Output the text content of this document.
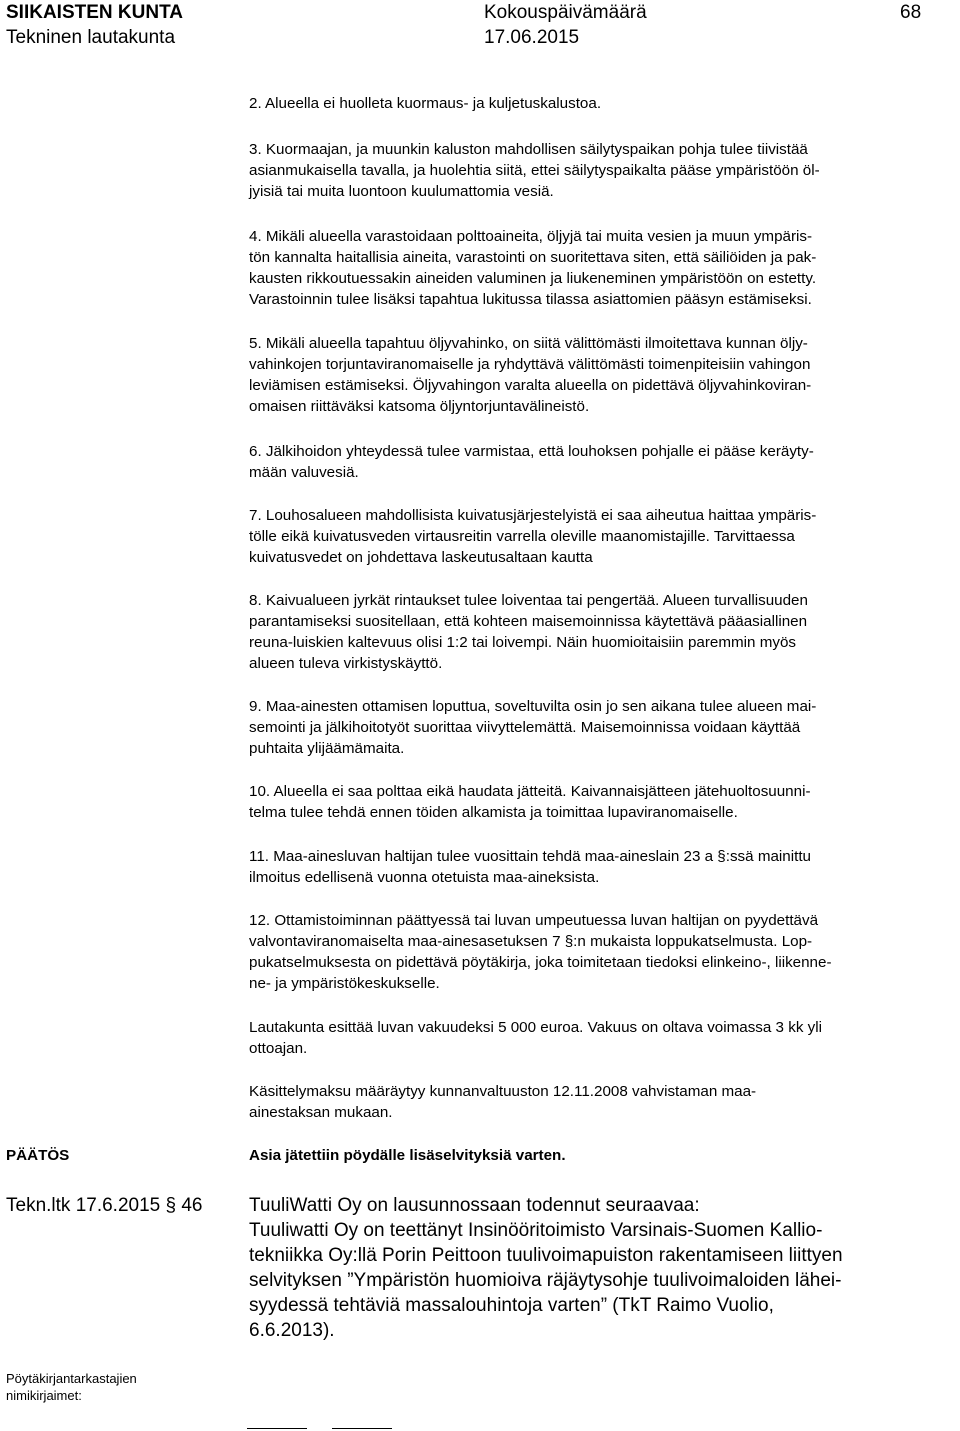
SIIKAISTEN KUNTA
Tekninen lautakunta
Kokouspäivämäärä
17.06.2015
68

2. Alueella ei huolleta kuormaus- ja kuljetuskalustoa.

3. Kuormaajan, ja muunkin kaluston mahdollisen säilytyspaikan pohja tulee tiivistää
asianmukaisella tavalla, ja huolehtia siitä, ettei säilytyspaikalta pääse ympäristöön öl-
jyisiä tai muita luontoon kuulumattomia vesiä.

4. Mikäli alueella varastoidaan polttoaineita, öljyjä tai muita vesien ja muun ympäris-
tön kannalta haitallisia aineita, varastointi on suoritettava siten, että säiliöiden ja pak-
kausten rikkoutuessakin aineiden valuminen ja liukeneminen ympäristöön on estetty.
Varastoinnin tulee lisäksi tapahtua lukitussa tilassa asiattomien pääsyn estämiseksi.

5. Mikäli alueella tapahtuu öljyvahinko, on siitä välittömästi ilmoitettava kunnan öljy-
vahinkojen torjuntaviranomaiselle ja ryhdyttävä välittömästi toimenpiteisiin vahingon
leviämisen estämiseksi. Öljyvahingon varalta alueella on pidettävä öljyvahinkoviran-
omaisen riittäväksi katsoma öljyntorjuntavälineistö.

6. Jälkihoidon yhteydessä tulee varmistaa, että louhoksen pohjalle ei pääse keräyty-
mään valuvesiä.

7. Louhosalueen mahdollisista kuivatusjärjestelyistä ei saa aiheutua haittaa ympäris-
tölle eikä kuivatusveden virtausreitin varrella oleville maanomistajille. Tarvittaessa
kuivatusvedet on johdettava laskeutusaltaan kautta

8. Kaivualueen jyrkät rintaukset tulee loiventaa tai pengertää. Alueen turvallisuuden
parantamiseksi suositellaan, että kohteen maisemoinnissa käytettävä pääasiallinen
reuna-luiskien kaltevuus olisi 1:2 tai loivempi. Näin huomioitaisiin paremmin myös
alueen tuleva virkistyskäyttö.

9. Maa-ainesten ottamisen loputtua, soveltuvilta osin jo sen aikana tulee alueen mai-
semointi ja jälkihoitotyöt suorittaa viivyttelemättä. Maisemoinnissa voidaan käyttää
puhtaita ylijäämämaita.

10. Alueella ei saa polttaa eikä haudata jätteitä. Kaivannaisjätteen jätehuoltosuunni-
telma tulee tehdä ennen töiden alkamista ja toimittaa lupaviranomaiselle.

11. Maa-ainesluvan haltijan tulee vuosittain tehdä maa-aineslain 23 a §:ssä mainittu
ilmoitus edellisenä vuonna otetuista maa-aineksista.

12. Ottamistoiminnan päättyessä tai luvan umpeutuessa luvan haltijan on pyydettävä
valvontaviranomaiselta maa-ainesasetuksen 7 §:n mukaista loppukatselmusta. Lop-
pukatselmuksesta on pidettävä pöytäkirja, joka toimitetaan tiedoksi elinkeino-, liikenne-
ne- ja ympäristökeskukselle.

Lautakunta esittää luvan vakuudeksi 5 000 euroa. Vakuus on oltava voimassa 3 kk yli
ottoajan.

Käsittelymaksu määräytyy kunnanvaltuuston 12.11.2008 vahvistaman maa-
ainestaksan mukaan.

PÄÄTÖS	Asia jätettiin pöydälle lisäselvityksiä varten.
Tekn.ltk 17.6.2015 § 46 TuuliWatti Oy on lausunnossaan todennut seuraavaa:
Tuuliwatti Oy on teettänyt Insinööritoimisto Varsinais-Suomen Kallio-
tekniikka Oy:llä Porin Peittoon tuulivoimapuiston rakentamiseen liittyen
selvityksen ”Ympäristön huomioiva räjäytysohje tuulivoimaloiden lähei-
syydessä tehtäviä massalouhintoja varten” (TkT Raimo Vuolio,
6.6.2013).
Pöytäkirjantarkastajien
nimikirjaimet:
